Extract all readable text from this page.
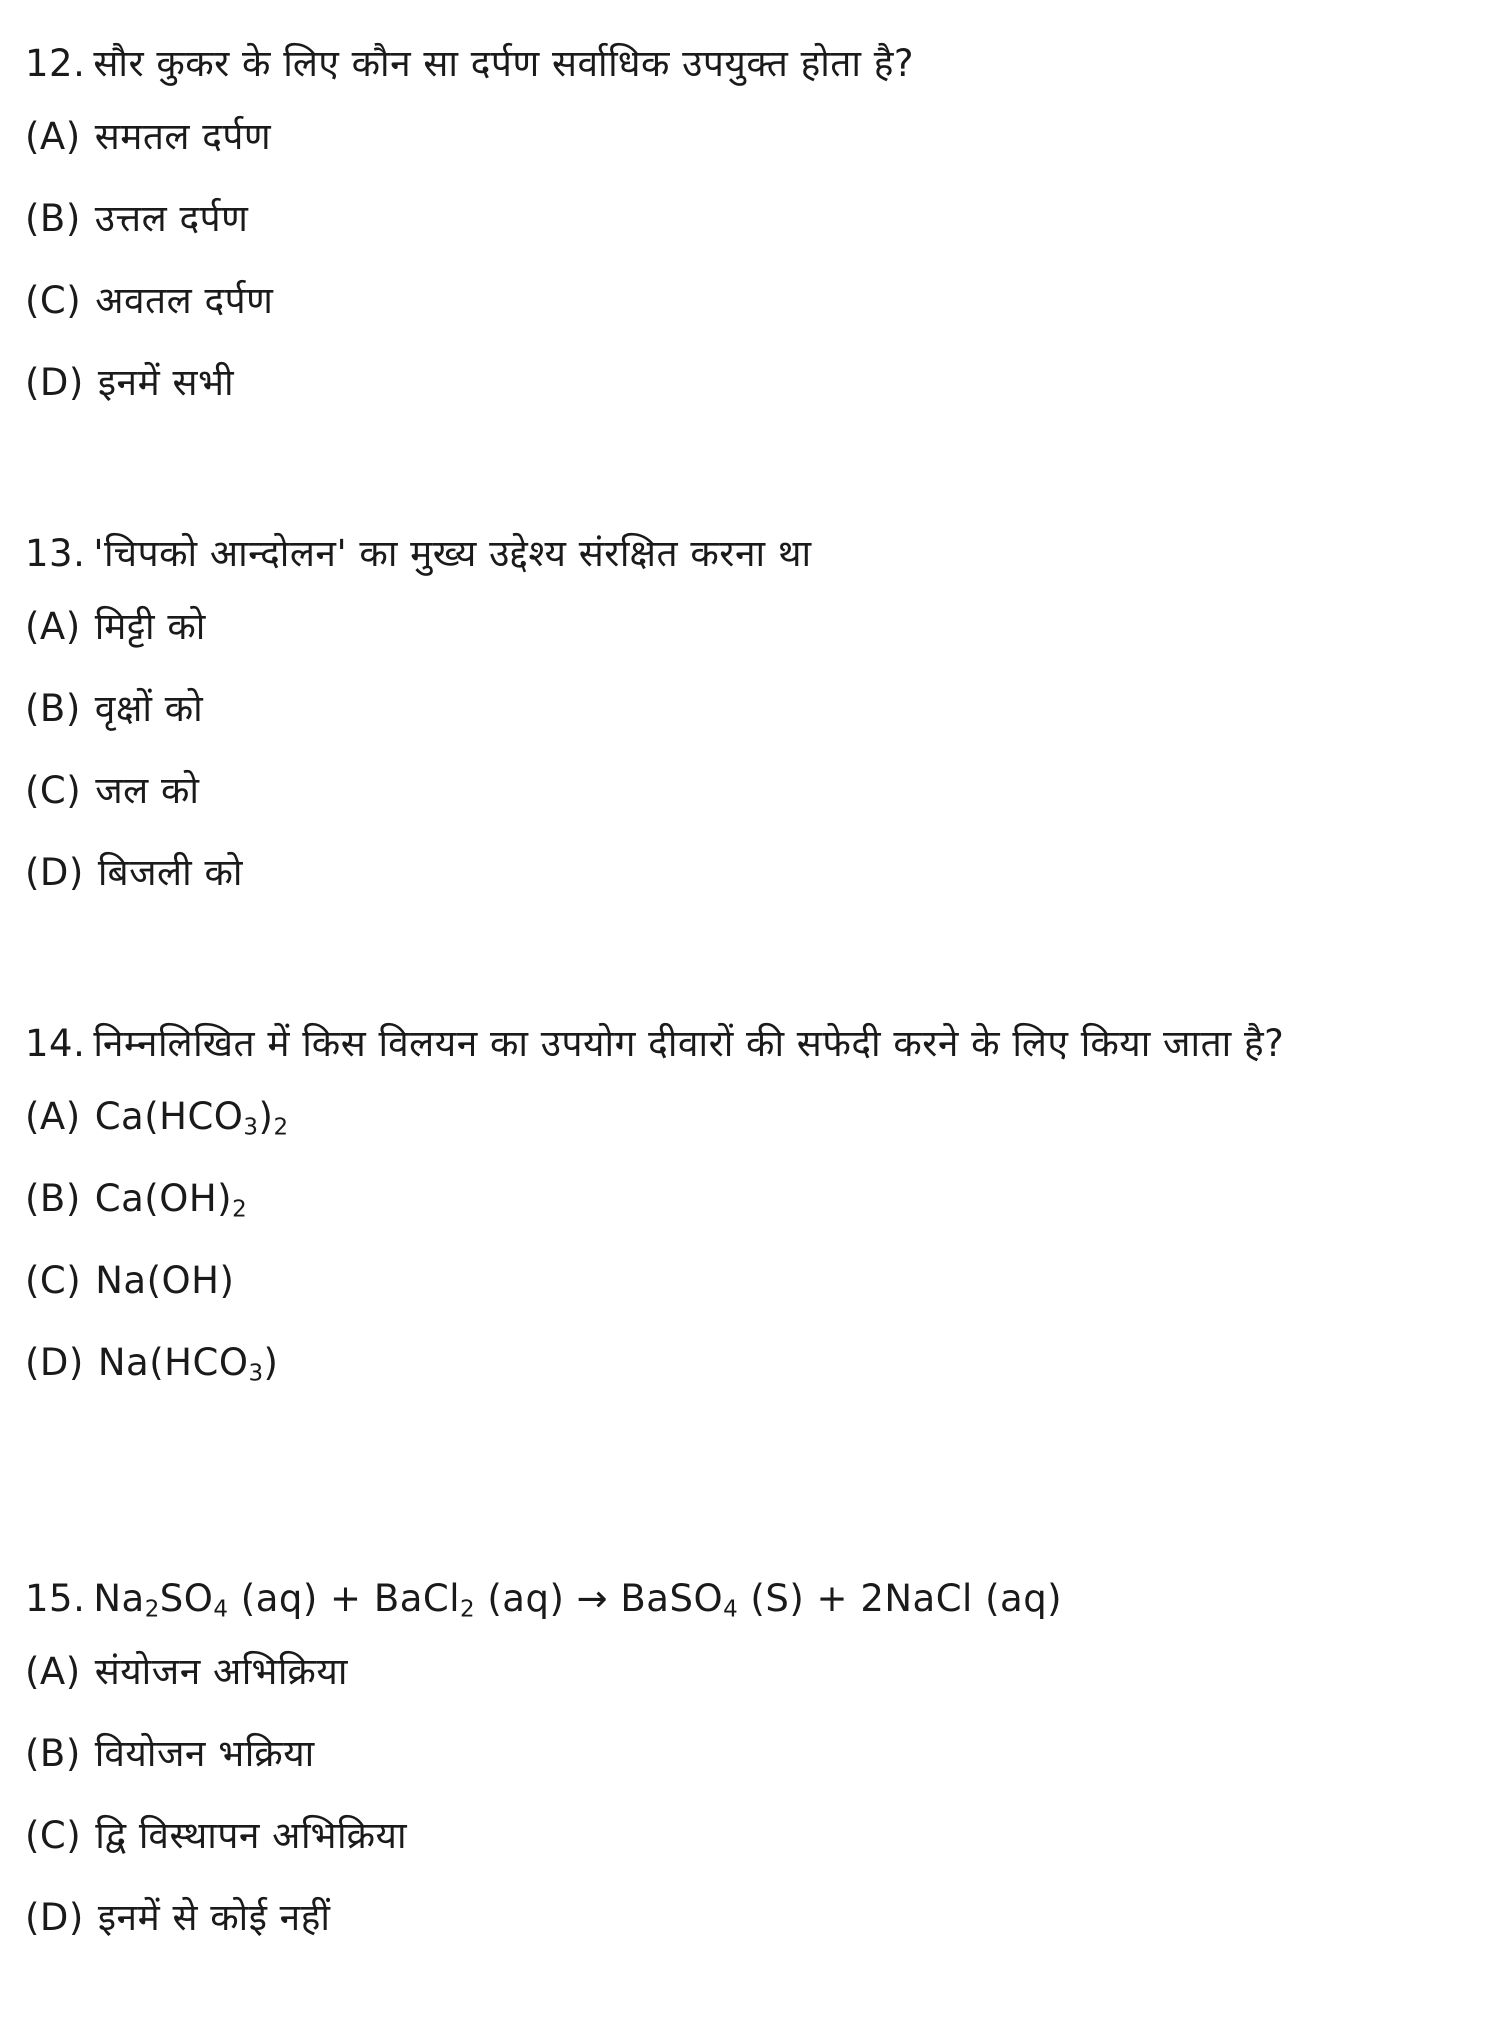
12. सौर कुकर के लिए कौन सा दर्पण सर्वाधिक उपयुक्त होता है?
(A) समतल दर्पण
(B) उत्तल दर्पण
(C) अवतल दर्पण
(D) इनमें सभी
13. 'चिपको आन्दोलन' का मुख्य उद्देश्य संरक्षित करना था
(A) मिट्टी को
(B) वृक्षों को
(C) जल को
(D) बिजली को
14. निम्नलिखित में किस विलयन का उपयोग दीवारों की सफेदी करने के लिए किया जाता है?
(A) $Ca(HCO_3)_2$
(B) $Ca(OH)_2$
(C) Na(OH)
(D) $Na(HCO_3)$
15. $Na_2SO_4$ (aq) + BaCl$_2$ (aq) → BaSO$_4$ (S) + 2NaCl (aq)
(A) संयोजन अभिक्रिया
(B) वियोजन भक्रिया
(C) द्वि विस्थापन अभिक्रिया
(D) इनमें से कोई नहीं
